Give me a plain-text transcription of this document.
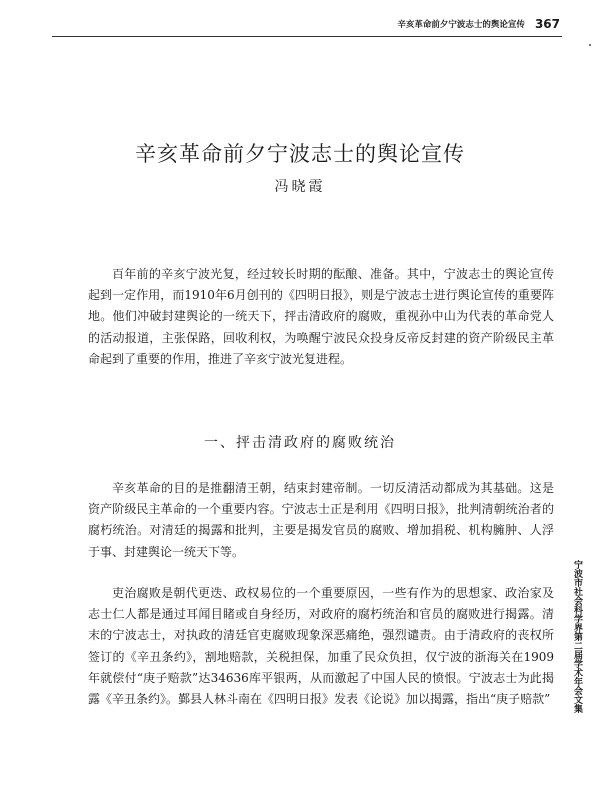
辛亥革命前夕宁波志士的舆论宣传 367
辛亥革命前夕宁波志士的舆论宣传
冯晓霞

百年前的辛亥宁波光复，经过较长时期的酝酿、准备。其中，宁波志士的舆论宣传起到一定作用，而1910年6月创刊的《四明日报》，则是宁波志士进行舆论宣传的重要阵地。他们冲破封建舆论的一统天下，抨击清政府的腐败，重视孙中山为代表的革命党人的活动报道，主张保路，回收利权，为唤醒宁波民众投身反帝反封建的资产阶级民主革命起到了重要的作用，推进了辛亥宁波光复进程。

一、抨击清政府的腐败统治

辛亥革命的目的是推翻清王朝，结束封建帝制。一切反清活动都成为其基础。这是资产阶级民主革命的一个重要内容。宁波志士正是利用《四明日报》，批判清朝统治者的腐朽统治。对清廷的揭露和批判，主要是揭发官员的腐败、增加捐税、机构臃肿、人浮于事、封建舆论一统天下等。

吏治腐败是朝代更迭、政权易位的一个重要原因，一些有作为的思想家、政治家及志士仁人都是通过耳闻目睹或自身经历，对政府的腐朽统治和官员的腐败进行揭露。清末的宁波志士，对执政的清廷官吏腐败现象深恶痛绝，强烈谴责。由于清政府的丧权所签订的《辛丑条约》，割地赔款，关税担保，加重了民众负担，仅宁波的浙海关在1909年就偿付“庚子赔款”达34636库平银两，从而激起了中国人民的愤恨。宁波志士为此揭露《辛丑条约》。鄞县人林斗南在《四明日报》发表《论说》加以揭露，指出“庚子赔款”	宁波市社会科学界第二届学术年会文集
